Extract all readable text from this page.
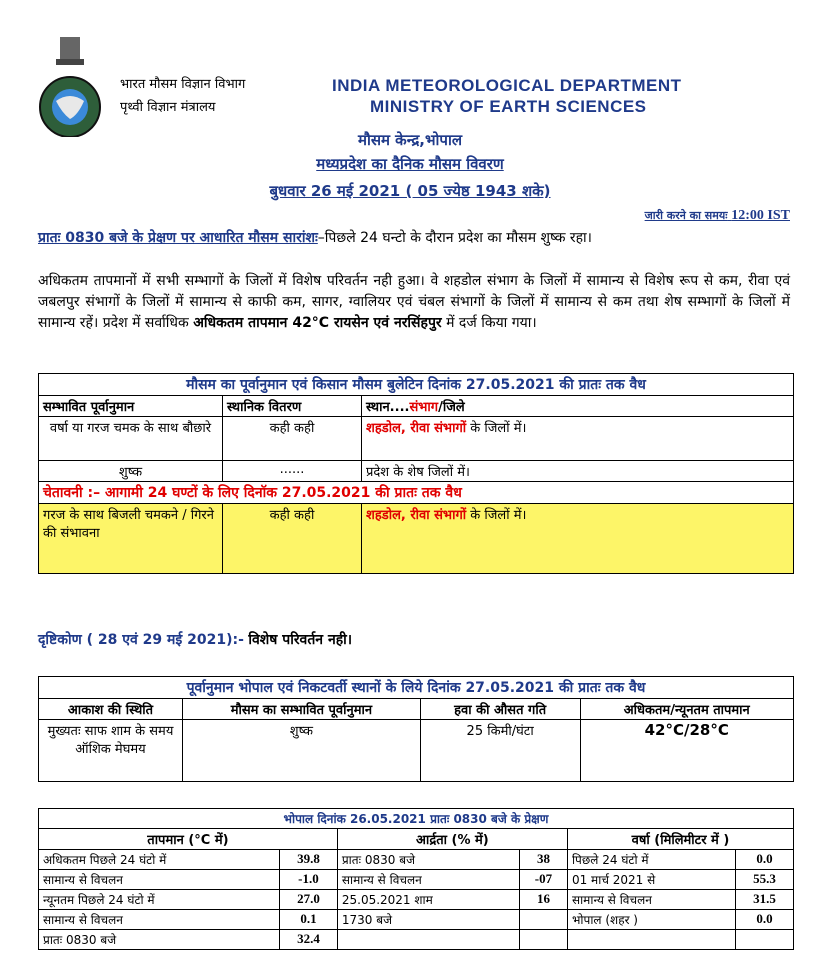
भारत मौसम विज्ञान विभाग
पृथ्वी विज्ञान मंत्रालय
INDIA METEOROLOGICAL DEPARTMENT
MINISTRY OF EARTH SCIENCES
मौसम केन्द्र,भोपाल
मध्यप्रदेश का दैनिक मौसम विवरण
बुधवार 26 मई 2021 ( 05 ज्येष्ठ 1943 शके)
जारी करने का समयः 12:00 IST
प्रातः 0830 बजे के प्रेक्षण पर आधारित मौसम सारांशः–पिछले 24 घन्टो के दौरान प्रदेश का मौसम शुष्क रहा।
अधिकतम तापमानों में सभी सम्भागों के जिलों में विशेष परिवर्तन नही हुआ। वे शहडोल संभाग के जिलों में सामान्य से विशेष रूप से कम, रीवा एवं जबलपुर संभागों के जिलों में सामान्य से काफी कम, सागर, ग्वालियर एवं चंबल संभागों के जिलों में सामान्य से कम तथा शेष सम्भागों के जिलों में सामान्य रहें। प्रदेश में सर्वाधिक अधिकतम तापमान 42°C रायसेन एवं नरसिंहपुर में दर्ज किया गया।
मौसम का पूर्वानुमान एवं किसान मौसम बुलेटिन दिनांक 27.05.2021 की प्रातः तक वैध		
सम्भावित पूर्वानुमान	स्थानिक वितरण	स्थान....संभाग/जिले
वर्षा या गरज चमक के साथ बौछारे	कही कही	शहडोल, रीवा संभागों के जिलों में।
शुष्क	......	प्रदेश के शेष जिलों में।
चेतावनी :– आगामी 24 घण्टों के लिए दिनॉक 27.05.2021 की प्रातः तक वैध		
गरज के साथ बिजली चमकने / गिरने की संभावना	कही कही	शहडोल, रीवा संभागों के जिलों में।
दृष्टिकोण ( 28 एवं 29 मई 2021):- विशेष परिवर्तन नही।
पूर्वानुमान भोपाल एवं निकटवर्ती स्थानों के लिये दिनांक 27.05.2021 की प्रातः तक वैध			
आकाश की स्थिति	मौसम का सम्भावित पूर्वानुमान	हवा की औसत गति	अधिकतम/न्यूनतम तापमान
मुख्यतः साफ शाम के समय ऑशिक मेघमय	शुष्क	25 किमी/घंटा	42°C/28°C
भोपाल दिनांक 26.05.2021 प्रातः 0830 बजे के प्रेक्षण					
तापमान (°C में)		आर्द्रता (% में)		वर्षा (मिलिमीटर में )	
अधिकतम पिछले 24 घंटो में	39.8	प्रातः 0830 बजे	38	पिछले 24 घंटो में	0.0
सामान्य से विचलन	-1.0	सामान्य से विचलन	-07	01 मार्च 2021 से	55.3
न्यूनतम पिछले 24 घंटो में	27.0	25.05.2021 शाम	16	सामान्य से विचलन	31.5
सामान्य से विचलन	0.1	1730 बजे		भोपाल (शहर )	0.0
प्रातः 0830 बजे	32.4				
